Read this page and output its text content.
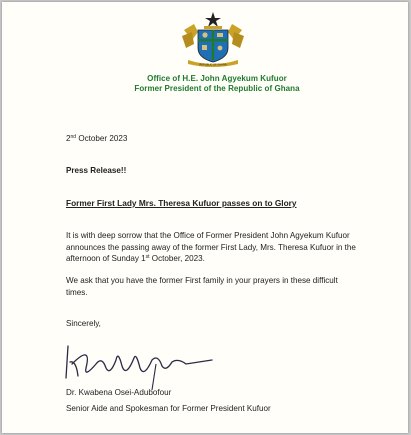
REPUBLIC OF GHANA
Office of H.E. John Agyekum Kufuor
Former President of the Republic of Ghana
2nd October 2023
Press Release!!
Former First Lady Mrs. Theresa Kufuor passes on to Glory
It is with deep sorrow that the Office of Former President John Agyekum Kufuor announces the passing away of the former First Lady, Mrs. Theresa Kufuor in the afternoon of Sunday 1st October, 2023.
We ask that you have the former First family in your prayers in these difficult times.
Sincerely,
Dr. Kwabena Osei-Adubofour
Senior Aide and Spokesman for Former President Kufuor
